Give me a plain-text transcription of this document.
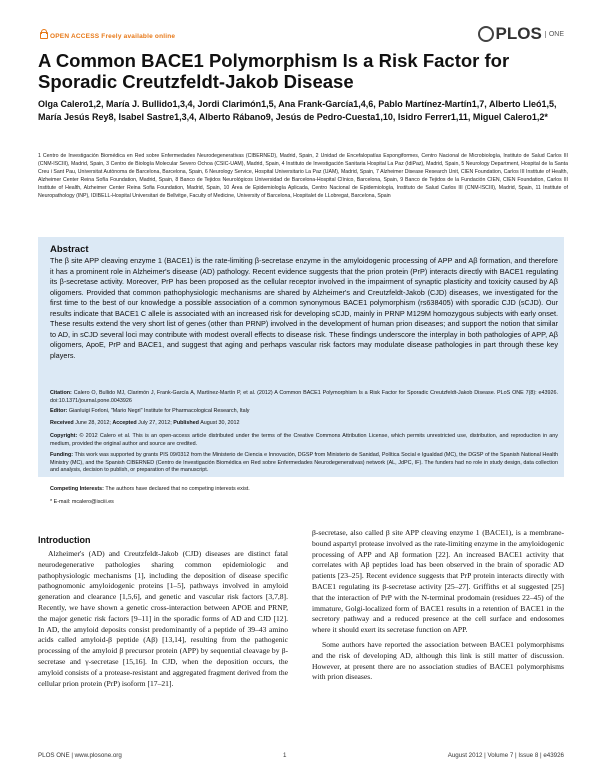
OPEN ACCESS Freely available online	PLOS	ONE
A Common BACE1 Polymorphism Is a Risk Factor for Sporadic Creutzfeldt-Jakob Disease
Olga Calero1,2, María J. Bullido1,3,4, Jordi Clarimón1,5, Ana Frank-García1,4,6, Pablo Martínez-Martín1,7, Alberto Lleó1,5, María Jesús Rey8, Isabel Sastre1,3,4, Alberto Rábano9, Jesús de Pedro-Cuesta1,10, Isidro Ferrer1,11, Miguel Calero1,2*
1 Centro de Investigación Biomédica en Red sobre Enfermedades Neurodegenerativas (CIBERNED), Madrid, Spain, 2 Unidad de Encefalopatías Espongiformes, Centro Nacional de Microbiología, Instituto de Salud Carlos III (CNM-ISCIII), Madrid, Spain, 3 Centro de Biología Molecular Severo Ochoa (CSIC-UAM), Madrid, Spain, 4 Instituto de Investigación Sanitaria Hospital La Paz (IdiPaz), Madrid, Spain, 5 Neurology Department, Hospital de la Santa Creu i Sant Pau, Universitat Autònoma de Barcelona, Barcelona, Spain, 6 Neurology Service, Hospital Universitario La Paz (UAM), Madrid, Spain, 7 Alzheimer Disease Research Unit, CIEN Foundation, Carlos III Institute of Health, Alzheimer Center Reina Sofía Foundation, Madrid, Spain, 8 Banco de Tejidos Neurológicos Universidad de Barcelona-Hospital Clínico, Barcelona, Spain, 9 Banco de Tejidos de la Fundación CIEN, CIEN Foundation, Carlos III Institute of Health, Alzheimer Center Reina Sofia Foundation, Madrid, Spain, 10 Área de Epidemiología Aplicada, Centro Nacional de Epidemiología, Instituto de Salud Carlos III (CNM-ISCIII), Madrid, Spain, 11 Institute of Neuropathology (INP), IDIBELL-Hospital Universitari de Bellvitge, Faculty of Medicine, University of Barcelona, Hospitalet de LLobregat, Barcelona, Spain
Abstract
The β site APP cleaving enzyme 1 (BACE1) is the rate-limiting β-secretase enzyme in the amyloidogenic processing of APP and Aβ formation, and therefore it has a prominent role in Alzheimer's disease (AD) pathology. Recent evidence suggests that the prion protein (PrP) interacts directly with BACE1 regulating its β-secretase activity. Moreover, PrP has been proposed as the cellular receptor involved in the impairment of synaptic plasticity and toxicity caused by Aβ oligomers. Provided that common pathophysiologic mechanisms are shared by Alzheimer's and Creutzfeldt-Jakob (CJD) diseases, we investigated for the first time to the best of our knowledge a possible association of a common synonymous BACE1 polymorphism (rs638405) with sporadic CJD (sCJD). Our results indicate that BACE1 C allele is associated with an increased risk for developing sCJD, mainly in PRNP M129M homozygous subjects with early onset. These results extend the very short list of genes (other than PRNP) involved in the development of human prion diseases; and support the notion that similar to AD, in sCJD several loci may contribute with modest overall effects to disease risk. These findings underscore the interplay in both pathologies of APP, Aβ oligomers, ApoE, PrP and BACE1, and suggest that aging and perhaps vascular risk factors may modulate disease pathologies in part through these key players.
Citation: Calero O, Bullido MJ, Clarimón J, Frank-García A, Martínez-Martín P, et al. (2012) A Common BACE1 Polymorphism Is a Risk Factor for Sporadic Creutzfeldt-Jakob Disease. PLoS ONE 7(8): e43926. doi:10.1371/journal.pone.0043926
Editor: Gianluigi Forloni, "Mario Negri" Institute for Pharmacological Research, Italy
Received June 28, 2012; Accepted July 27, 2012; Published August 30, 2012
Copyright: © 2012 Calero et al. This is an open-access article distributed under the terms of the Creative Commons Attribution License, which permits unrestricted use, distribution, and reproduction in any medium, provided the original author and source are credited.
Funding: This work was supported by grants PIS 09/0312 from the Ministerio de Ciencia e Innovación, DGSP from Ministerio de Sanidad, Política Social e Igualdad (MC), the DGSP of the Spanish National Health Ministry (MC), and the Spanish CIBERNED (Centro de Investigación Biomédica en Red sobre Enfermedades Neurodegenerativas) network (AL, JdPC, IF). The funders had no role in study design, data collection and analysis, decision to publish, or preparation of the manuscript.
Competing Interests: The authors have declared that no competing interests exist.
* E-mail: mcalero@isciii.es
Introduction
Alzheimer's (AD) and Creutzfeldt-Jakob (CJD) diseases are distinct fatal neurodegenerative pathologies sharing common epidemiologic and pathophysiologic mechanisms [1], including the deposition of disease specific pathognomonic amyloidogenic proteins [1–5], pathways involved in amyloid generation and clearance [1,5,6], and genetic and vascular risk factors [3,7,8]. Recently, we have shown a genetic cross-interaction between APOE and PRNP, the major genetic risk factors [9–11] in the sporadic forms of AD and CJD [12]. In AD, the amyloid deposits consist predominantly of a peptide of 39–43 amino acids called amyloid-β peptide (Aβ) [13,14], resulting from the pathogenic processing of the amyloid β precursor protein (APP) by sequential cleavage by β-secretase and γ-secretase [15,16]. In CJD, when the deposition occurs, the amyloid consists of a protease-resistant and aggregated fragment derived from the cellular prion protein (PrP) isoform [17–21].

β-secretase, also called β site APP cleaving enzyme 1 (BACE1), is a membrane-bound aspartyl protease involved as the rate-limiting enzyme in the amyloidogenic processing of APP and Aβ formation [22]. An increased BACE1 activity that correlates with Aβ peptides load has been observed in the brain of sporadic AD patients [23–25]. Recent evidence suggests that PrP protein interacts directly with BACE1 regulating its β-secretase activity [25–27]. Griffiths et al suggested [25] that the interaction of PrP with the N-terminal prodomain (residues 22–45) of the immature, Golgi-localized form of BACE1 results in a retention of BACE1 in the secretory pathway and a reduced presence at the cell surface and endosomes where it should exert its secretase function on APP.

Some authors have reported the association between BACE1 polymorphisms and the risk of developing AD, although this link is still matter of discussion. However, at present there are no association studies of BACE1 polymorphisms with prion diseases.

PLOS ONE | www.plosone.org	1	August 2012 | Volume 7 | Issue 8 | e43926
